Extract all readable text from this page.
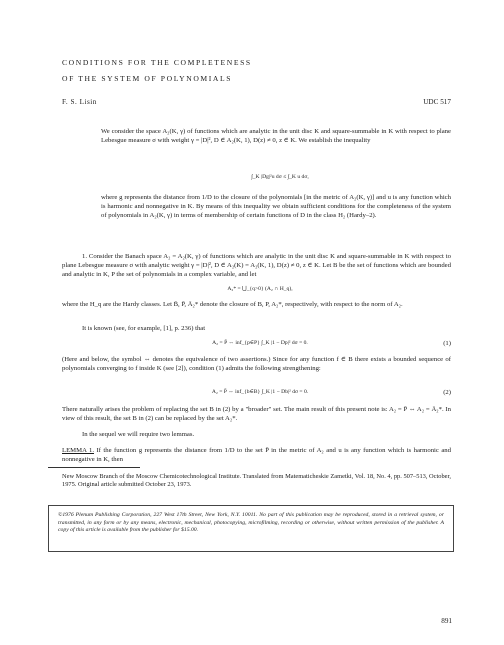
CONDITIONS FOR THE COMPLETENESS
OF THE SYSTEM OF POLYNOMIALS
F. S. Lisin	UDC 517
We consider the space A₂(K, γ) of functions which are analytic in the unit disc K and square-summable in K with respect to plane Lebesgue measure σ with weight γ = |D|², D ∈ A₂(K, 1), D(z) ≠ 0, z ∈ K. We establish the inequality
∫_K |Dg|²u dσ ≤ ∫_K u dσ,
where g represents the distance from 1/D to the closure of the polynomials [in the metric of A₂(K, γ)] and u is any function which is harmonic and nonnegative in K. By means of this inequality we obtain sufficient conditions for the completeness of the system of polynomials in A₂(K, γ) in terms of membership of certain functions of D in the class H₂ (Hardy–2).
1. Consider the Banach space A₂ = A₂(K, γ) of functions which are analytic in the unit disc K and square-summable in K with respect to plane Lebesgue measure σ with analytic weight γ = |D|², D ∈ A₂(K) = A₂(K, 1), D(z) ≠ 0, z ∈ K. Let B be the set of functions which are bounded and analytic in K, P the set of polynomials in a complex variable, and let
A₂* = ⋃_{q>0} (A₂ ∩ H_q),
where the H_q are the Hardy classes. Let B̄, P̄, Ā₂* denote the closure of B, P, A₂*, respectively, with respect to the norm of A₂.
It is known (see, for example, [1], p. 236) that
A₂ = P̄ ⇔ inf_{p∈P} ∫_K |1 − Dp|² dσ = 0.	(1)
(Here and below, the symbol ⇔ denotes the equivalence of two assertions.) Since for any function f ∈ B there exists a bounded sequence of polynomials converging to f inside K (see [2]), condition (1) admits the following strengthening:
A₂ = P̄ ⇔ inf_{b∈B} ∫_K |1 − Db|² dσ = 0.	(2)
There naturally arises the problem of replacing the set B in (2) by a "broader" set. The main result of this present note is: A₂ = P̄ ⇔ A₂ = Ā₂*. In view of this result, the set B in (2) can be replaced by the set A₂*.
In the sequel we will require two lemmas.
LEMMA 1. If the function g represents the distance from 1/D to the set P̄ in the metric of A₂ and u is any function which is harmonic and nonnegative in K, then
New Moscow Branch of the Moscow Chemicotechnological Institute. Translated from Matematicheskie Zametki, Vol. 18, No. 4, pp. 507–513, October, 1975. Original article submitted October 23, 1973.
©1976 Plenum Publishing Corporation, 227 West 17th Street, New York, N.Y. 10011. No part of this publication may be reproduced, stored in a retrieval system, or transmitted, in any form or by any means, electronic, mechanical, photocopying, microfilming, recording or otherwise, without written permission of the publisher. A copy of this article is available from the publisher for $15.00.
891
